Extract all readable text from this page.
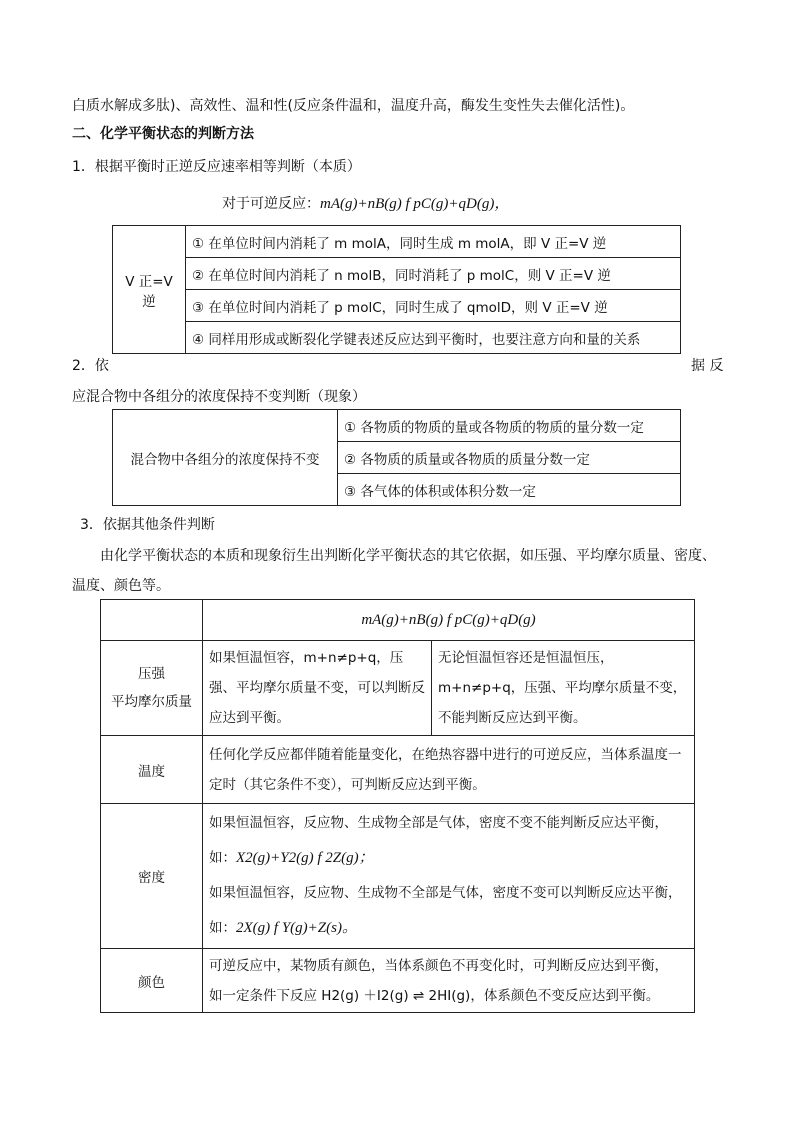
白质水解成多肽)、高效性、温和性(反应条件温和，温度升高，酶发生变性失去催化活性)。
二、化学平衡状态的判断方法
1．根据平衡时正逆反应速率相等判断（本质）
对于可逆反应：mA(g)+nB(g) f pC(g)+qD(g)，
V 正=V 逆	① 在单位时间内消耗了 m molA，同时生成 m molA，即 V 正=V 逆
② 在单位时间内消耗了 n molB，同时消耗了 p molC，则 V 正=V 逆
③ 在单位时间内消耗了 p molC，同时生成了 qmolD，则 V 正=V 逆
④ 同样用形成或断裂化学键表述反应达到平衡时，也要注意方向和量的关系
2．依	据 反
应混合物中各组分的浓度保持不变判断（现象）
混合物中各组分的浓度保持不变	① 各物质的物质的量或各物质的物质的量分数一定
② 各物质的质量或各物质的质量分数一定
③ 各气体的体积或体积分数一定
3．依据其他条件判断
由化学平衡状态的本质和现象衍生出判断化学平衡状态的其它依据，如压强、平均摩尔质量、密度、
温度、颜色等。
	mA(g)+nB(g) f pC(g)+qD(g)	

压强
平均摩尔质量	如果恒温恒容，m+n≠p+q，压强、平均摩尔质量不变，可以判断反应达到平衡。	无论恒温恒容还是恒温恒压，m+n≠p+q，压强、平均摩尔质量不变，不能判断反应达到平衡。
温度	任何化学反应都伴随着能量变化，在绝热容器中进行的可逆反应，当体系温度一定时（其它条件不变），可判断反应达到平衡。	
密度	如果恒温恒容，反应物、生成物全部是气体，密度不变不能判断反应达平衡，
如：X2(g)+Y2(g) f 2Z(g)；
如果恒温恒容，反应物、生成物不全部是气体，密度不变可以判断反应达平衡，
如：2X(g) f Y(g)+Z(s)。	

颜色	可逆反应中，某物质有颜色，当体系颜色不再变化时，可判断反应达到平衡，
如一定条件下反应 H2(g) ＋I2(g) ⇌ 2HI(g)，体系颜色不变反应达到平衡。	
